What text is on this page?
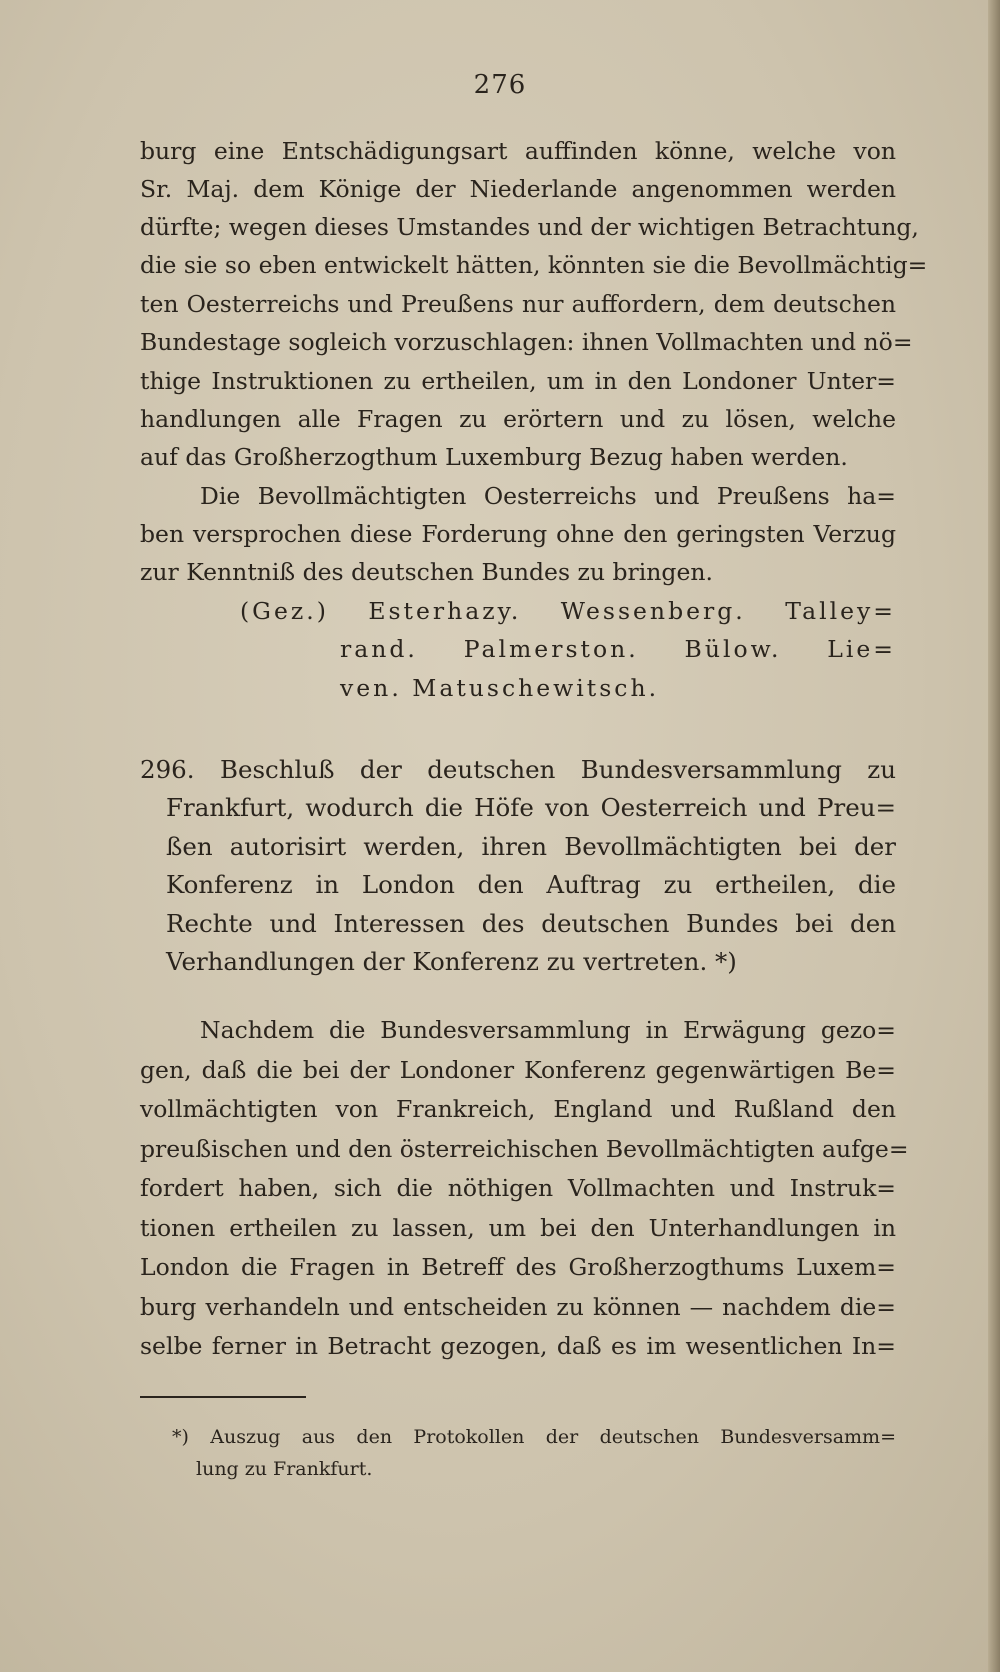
276
burg eine Entschädigungsart auffinden könne, welche von
Sr. Maj. dem Könige der Niederlande angenommen werden
dürfte; wegen dieses Umstandes und der wichtigen Betrachtung,
die sie so eben entwickelt hätten, könnten sie die Bevollmächtig=
ten Oesterreichs und Preußens nur auffordern, dem deutschen
Bundestage sogleich vorzuschlagen: ihnen Vollmachten und nö=
thige Instruktionen zu ertheilen, um in den Londoner Unter=
handlungen alle Fragen zu erörtern und zu lösen, welche
auf das Großherzogthum Luxemburg Bezug haben werden.
Die Bevollmächtigten Oesterreichs und Preußens ha=
ben versprochen diese Forderung ohne den geringsten Verzug
zur Kenntniß des deutschen Bundes zu bringen.
(Gez.) Esterhazy. Wessenberg. Talley=
rand. Palmerston. Bülow. Lie=
ven. Matuschewitsch.
296. Beschluß der deutschen Bundesversammlung zu
Frankfurt, wodurch die Höfe von Oesterreich und Preu=
ßen autorisirt werden, ihren Bevollmächtigten bei der
Konferenz in London den Auftrag zu ertheilen, die
Rechte und Interessen des deutschen Bundes bei den
Verhandlungen der Konferenz zu vertreten. *)
Nachdem die Bundesversammlung in Erwägung gezo=
gen, daß die bei der Londoner Konferenz gegenwärtigen Be=
vollmächtigten von Frankreich, England und Rußland den
preußischen und den österreichischen Bevollmächtigten aufge=
fordert haben, sich die nöthigen Vollmachten und Instruk=
tionen ertheilen zu lassen, um bei den Unterhandlungen in
London die Fragen in Betreff des Großherzogthums Luxem=
burg verhandeln und entscheiden zu können — nachdem die=
selbe ferner in Betracht gezogen, daß es im wesentlichen In=
*) Auszug aus den Protokollen der deutschen Bundesversamm=
lung zu Frankfurt.
